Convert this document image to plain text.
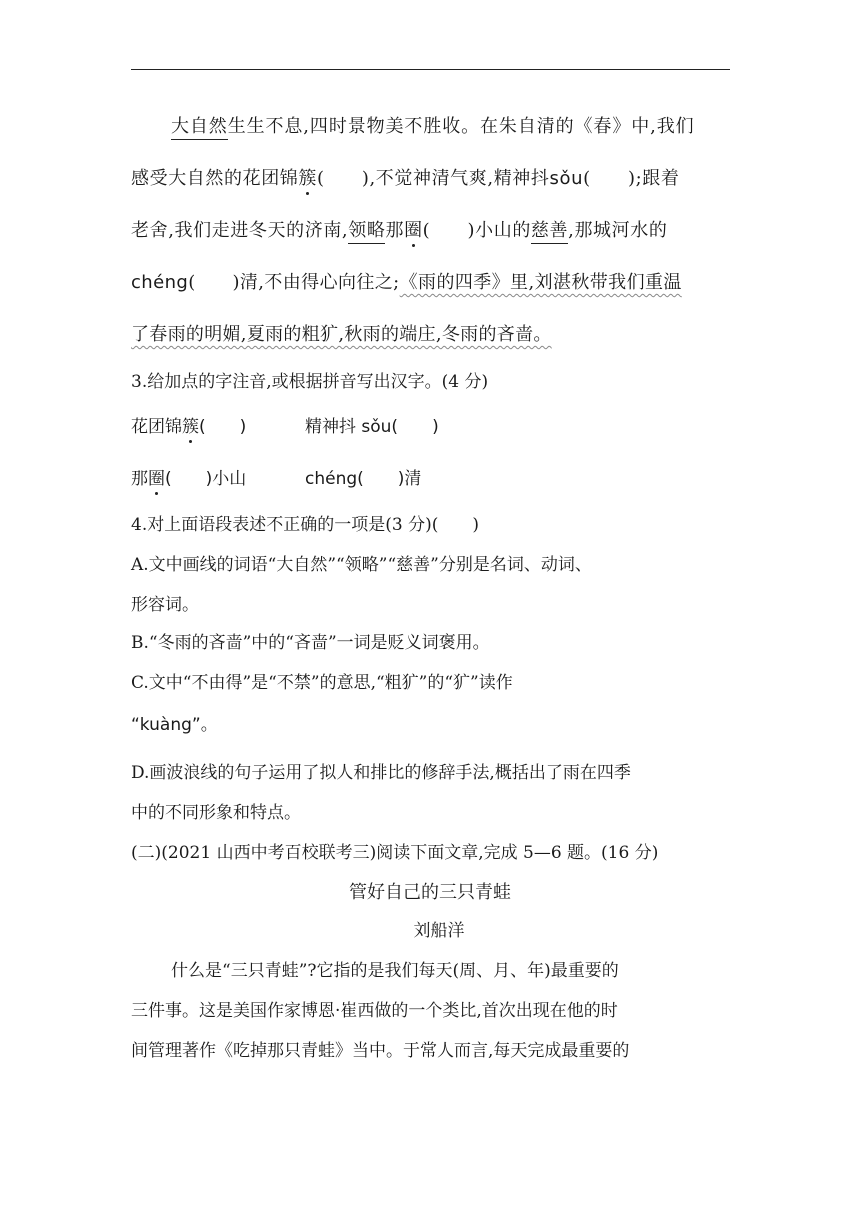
大自然生生不息,四时景物美不胜收。在朱自清的《春》中,我们
感受大自然的花团锦簇(　　),不觉神清气爽,精神抖sǒu(　　);跟着
老舍,我们走进冬天的济南,领略那圈(　　)小山的慈善,那城河水的
chéng(　　)清,不由得心向往之;《雨的四季》里,刘湛秋带我们重温
了春雨的明媚,夏雨的粗犷,秋雨的端庄,冬雨的吝啬。
3.给加点的字注音,或根据拼音写出汉字。(4 分)
花团锦簇(　　)	精神抖 sǒu(　　)
那圈(　　)小山	chéng(　　)清
4.对上面语段表述不正确的一项是(3 分)(　　)
A.文中画线的词语“大自然”“领略”“慈善”分别是名词、动词、
形容词。
B.“冬雨的吝啬”中的“吝啬”一词是贬义词褒用。
C.文中“不由得”是“不禁”的意思,“粗犷”的“犷”读作
“kuàng”。
D.画波浪线的句子运用了拟人和排比的修辞手法,概括出了雨在四季
中的不同形象和特点。
(二)(2021 山西中考百校联考三)阅读下面文章,完成 5—6 题。(16 分)
管好自己的三只青蛙
刘船洋
什么是“三只青蛙”?它指的是我们每天(周、月、年)最重要的
三件事。这是美国作家博恩·崔西做的一个类比,首次出现在他的时
间管理著作《吃掉那只青蛙》当中。于常人而言,每天完成最重要的
